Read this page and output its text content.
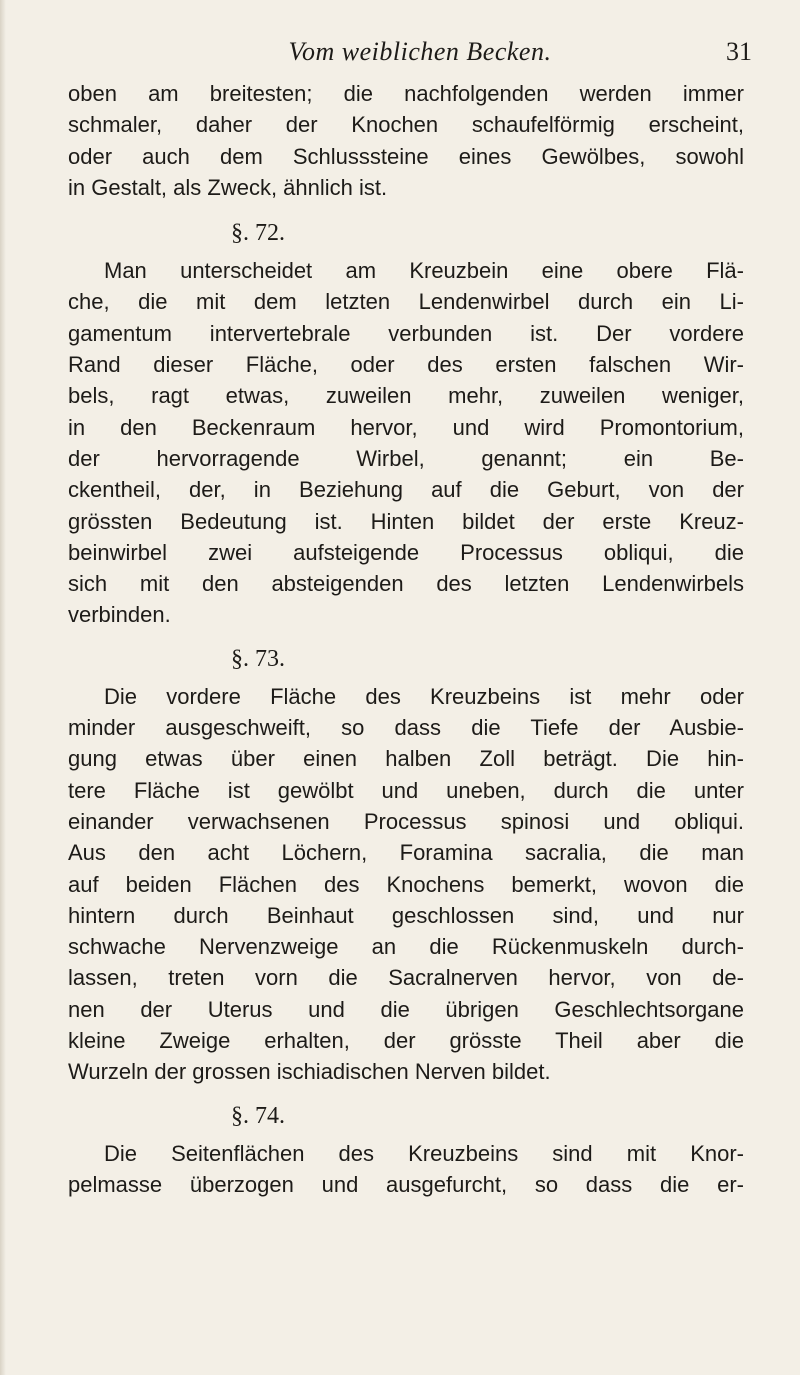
Vom weiblichen Becken.	31
oben am breitesten; die nachfolgenden werden immer
schmaler, daher der Knochen schaufelförmig erscheint,
oder auch dem Schlusssteine eines Gewölbes, sowohl
in Gestalt, als Zweck, ähnlich ist.
§. 72.
Man unterscheidet am Kreuzbein eine obere Flä-
che, die mit dem letzten Lendenwirbel durch ein Li-
gamentum intervertebrale verbunden ist. Der vordere
Rand dieser Fläche, oder des ersten falschen Wir-
bels, ragt etwas, zuweilen mehr, zuweilen weniger,
in den Beckenraum hervor, und wird Promontorium,
der hervorragende Wirbel, genannt; ein Be-
ckentheil, der, in Beziehung auf die Geburt, von der
grössten Bedeutung ist. Hinten bildet der erste Kreuz-
beinwirbel zwei aufsteigende Processus obliqui, die
sich mit den absteigenden des letzten Lendenwirbels
verbinden.
§. 73.
Die vordere Fläche des Kreuzbeins ist mehr oder
minder ausgeschweift, so dass die Tiefe der Ausbie-
gung etwas über einen halben Zoll beträgt. Die hin-
tere Fläche ist gewölbt und uneben, durch die unter
einander verwachsenen Processus spinosi und obliqui.
Aus den acht Löchern, Foramina sacralia, die man
auf beiden Flächen des Knochens bemerkt, wovon die
hintern durch Beinhaut geschlossen sind, und nur
schwache Nervenzweige an die Rückenmuskeln durch-
lassen, treten vorn die Sacralnerven hervor, von de-
nen der Uterus und die übrigen Geschlechtsorgane
kleine Zweige erhalten, der grösste Theil aber die
Wurzeln der grossen ischiadischen Nerven bildet.
§. 74.
Die Seitenflächen des Kreuzbeins sind mit Knor-
pelmasse überzogen und ausgefurcht, so dass die er-
